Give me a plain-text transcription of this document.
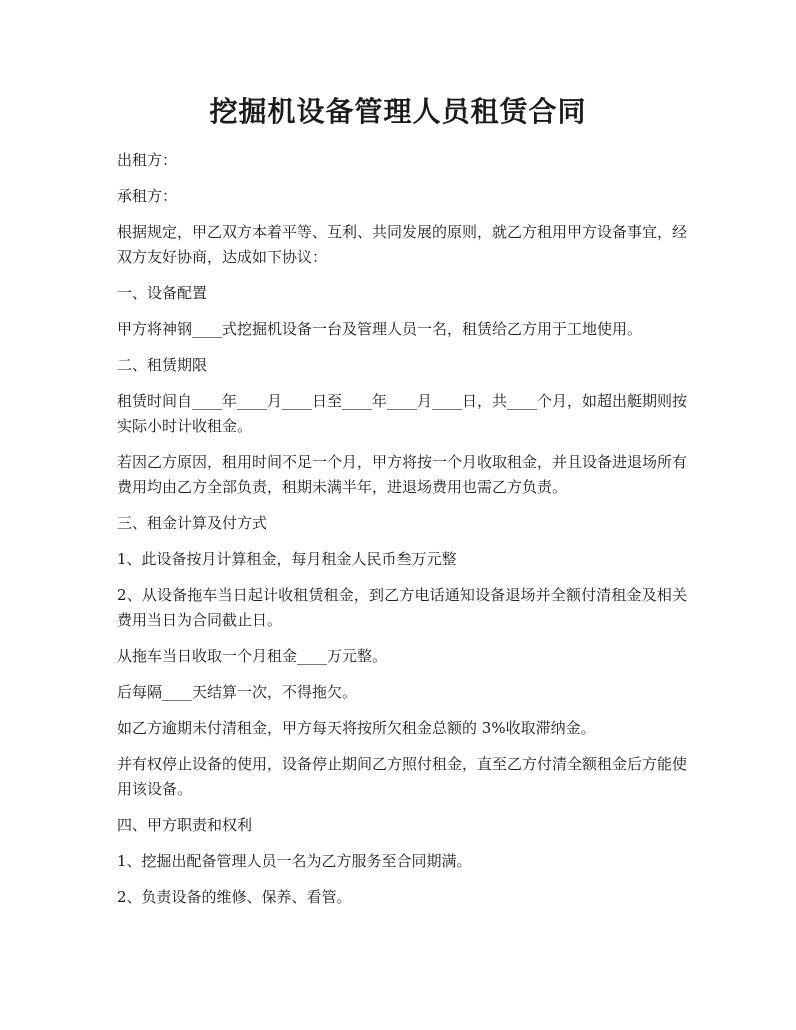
挖掘机设备管理人员租赁合同

出租方：

承租方：

根据规定，甲乙双方本着平等、互利、共同发展的原则，就乙方租用甲方设备事宜，经双方友好协商，达成如下协议：

一、设备配置

甲方将神钢____式挖掘机设备一台及管理人员一名，租赁给乙方用于工地使用。

二、租赁期限

租赁时间自____年____月____日至____年____月____日，共____个月，如超出艇期则按实际小时计收租金。

若因乙方原因，租用时间不足一个月，甲方将按一个月收取租金，并且设备进退场所有费用均由乙方全部负责，租期未满半年，进退场费用也需乙方负责。

三、租金计算及付方式

1、此设备按月计算租金，每月租金人民币叁万元整

2、从设备拖车当日起计收租赁租金，到乙方电话通知设备退场并全额付清租金及相关费用当日为合同截止日。

从拖车当日收取一个月租金____万元整。

后每隔____天结算一次，不得拖欠。

如乙方逾期未付清租金，甲方每天将按所欠租金总额的 3%收取滞纳金。

并有权停止设备的使用，设备停止期间乙方照付租金，直至乙方付清全额租金后方能使用该设备。

四、甲方职责和权利

1、挖掘出配备管理人员一名为乙方服务至合同期满。

2、负责设备的维修、保养、看管。
